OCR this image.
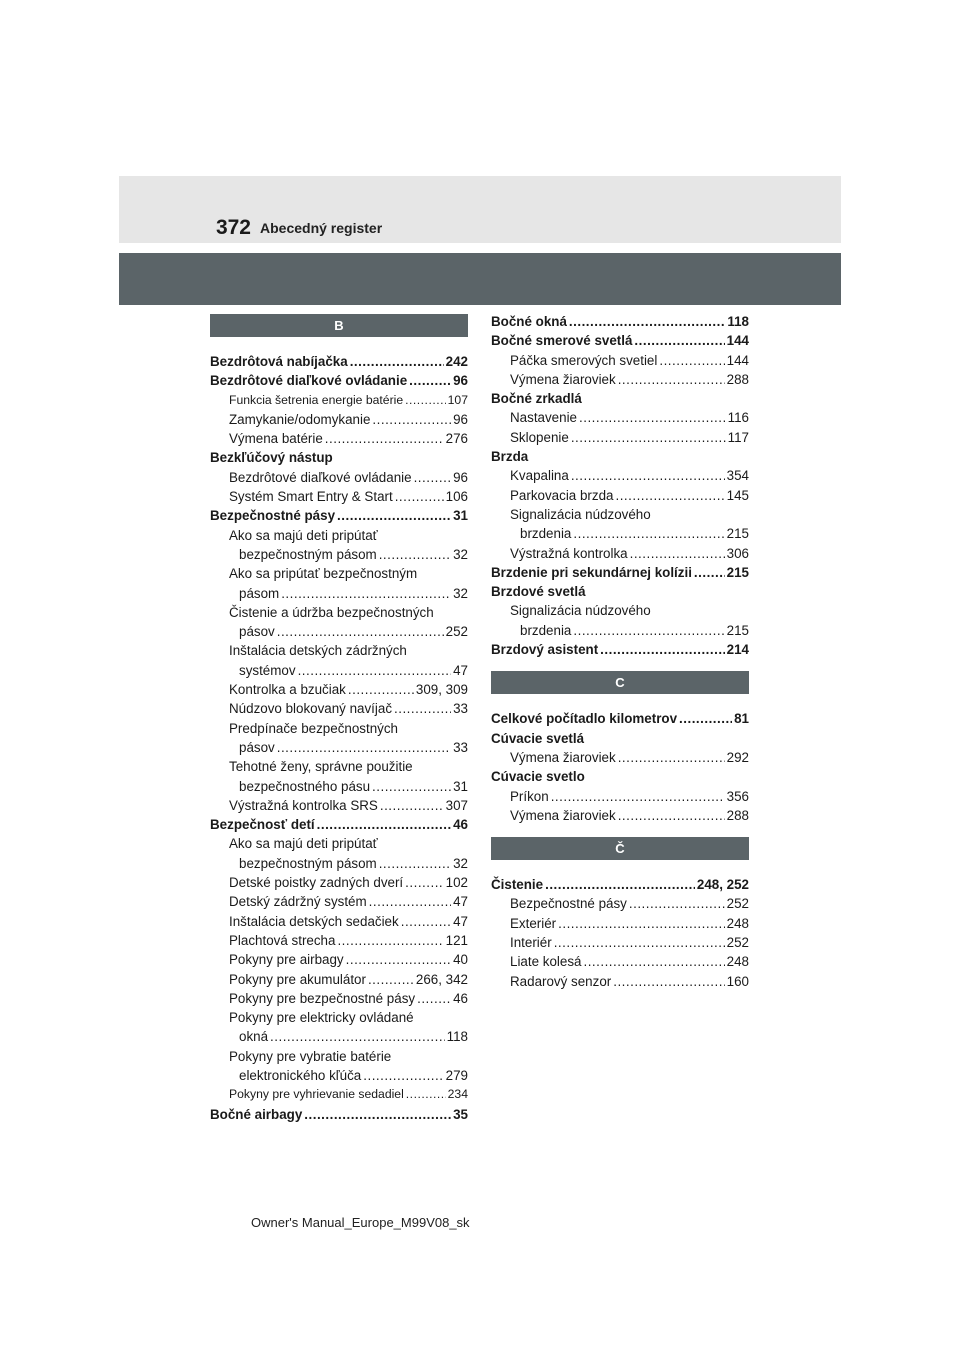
372 Abecedný register
B
Bezdrôtová nabíjačka .....	242
Bezdrôtové diaľkové ovládanie .....	96
Funkcia šetrenia energie batérie .....	107
Zamykanie/odomykanie .....	96
Výmena batérie .....	276
Bezkľúčový nástup
Bezdrôtové diaľkové ovládanie .....	96
Systém Smart Entry & Start .....	106
Bezpečnostné pásy .....	31
Ako sa majú deti pripútať
bezpečnostným pásom .....	32
Ako sa pripútať bezpečnostným
pásom .....	32
Čistenie a údržba bezpečnostných
pásov .....	252
Inštalácia detských zádržných
systémov .....	47
Kontrolka a bzučiak .....	309, 309
Núdzovo blokovaný navíjač .....	33
Predpínače bezpečnostných
pásov .....	33
Tehotné ženy, správne použitie
bezpečnostného pásu .....	31
Výstražná kontrolka SRS .....	307
Bezpečnosť detí .....	46
Ako sa majú deti pripútať
bezpečnostným pásom .....	32
Detské poistky zadných dverí .....	102
Detský zádržný systém .....	47
Inštalácia detských sedačiek .....	47
Plachtová strecha .....	121
Pokyny pre airbagy .....	40
Pokyny pre akumulátor .....	266, 342
Pokyny pre bezpečnostné pásy .....	46
Pokyny pre elektricky ovládané
okná .....	118
Pokyny pre vybratie batérie
elektronického kľúča .....	279
Pokyny pre vyhrievanie sedadiel .....	234
Bočné airbagy .....	35
Bočné okná .....	118
Bočné smerové svetlá .....	144
Páčka smerových svetiel .....	144
Výmena žiaroviek .....	288
Bočné zrkadlá
Nastavenie .....	116
Sklopenie .....	117
Brzda
Kvapalina .....	354
Parkovacia brzda .....	145
Signalizácia núdzového
brzdenia .....	215
Výstražná kontrolka .....	306
Brzdenie pri sekundárnej kolízii .....	215
Brzdové svetlá
Signalizácia núdzového
brzdenia .....	215
Brzdový asistent .....	214
C
Celkové počítadlo kilometrov .....	81
Cúvacie svetlá
Výmena žiaroviek .....	292
Cúvacie svetlo
Príkon .....	356
Výmena žiaroviek .....	288
Č
Čistenie .....	248, 252
Bezpečnostné pásy .....	252
Exteriér .....	248
Interiér .....	252
Liate kolesá .....	248
Radarový senzor .....	160
Owner's Manual_Europe_M99V08_sk
